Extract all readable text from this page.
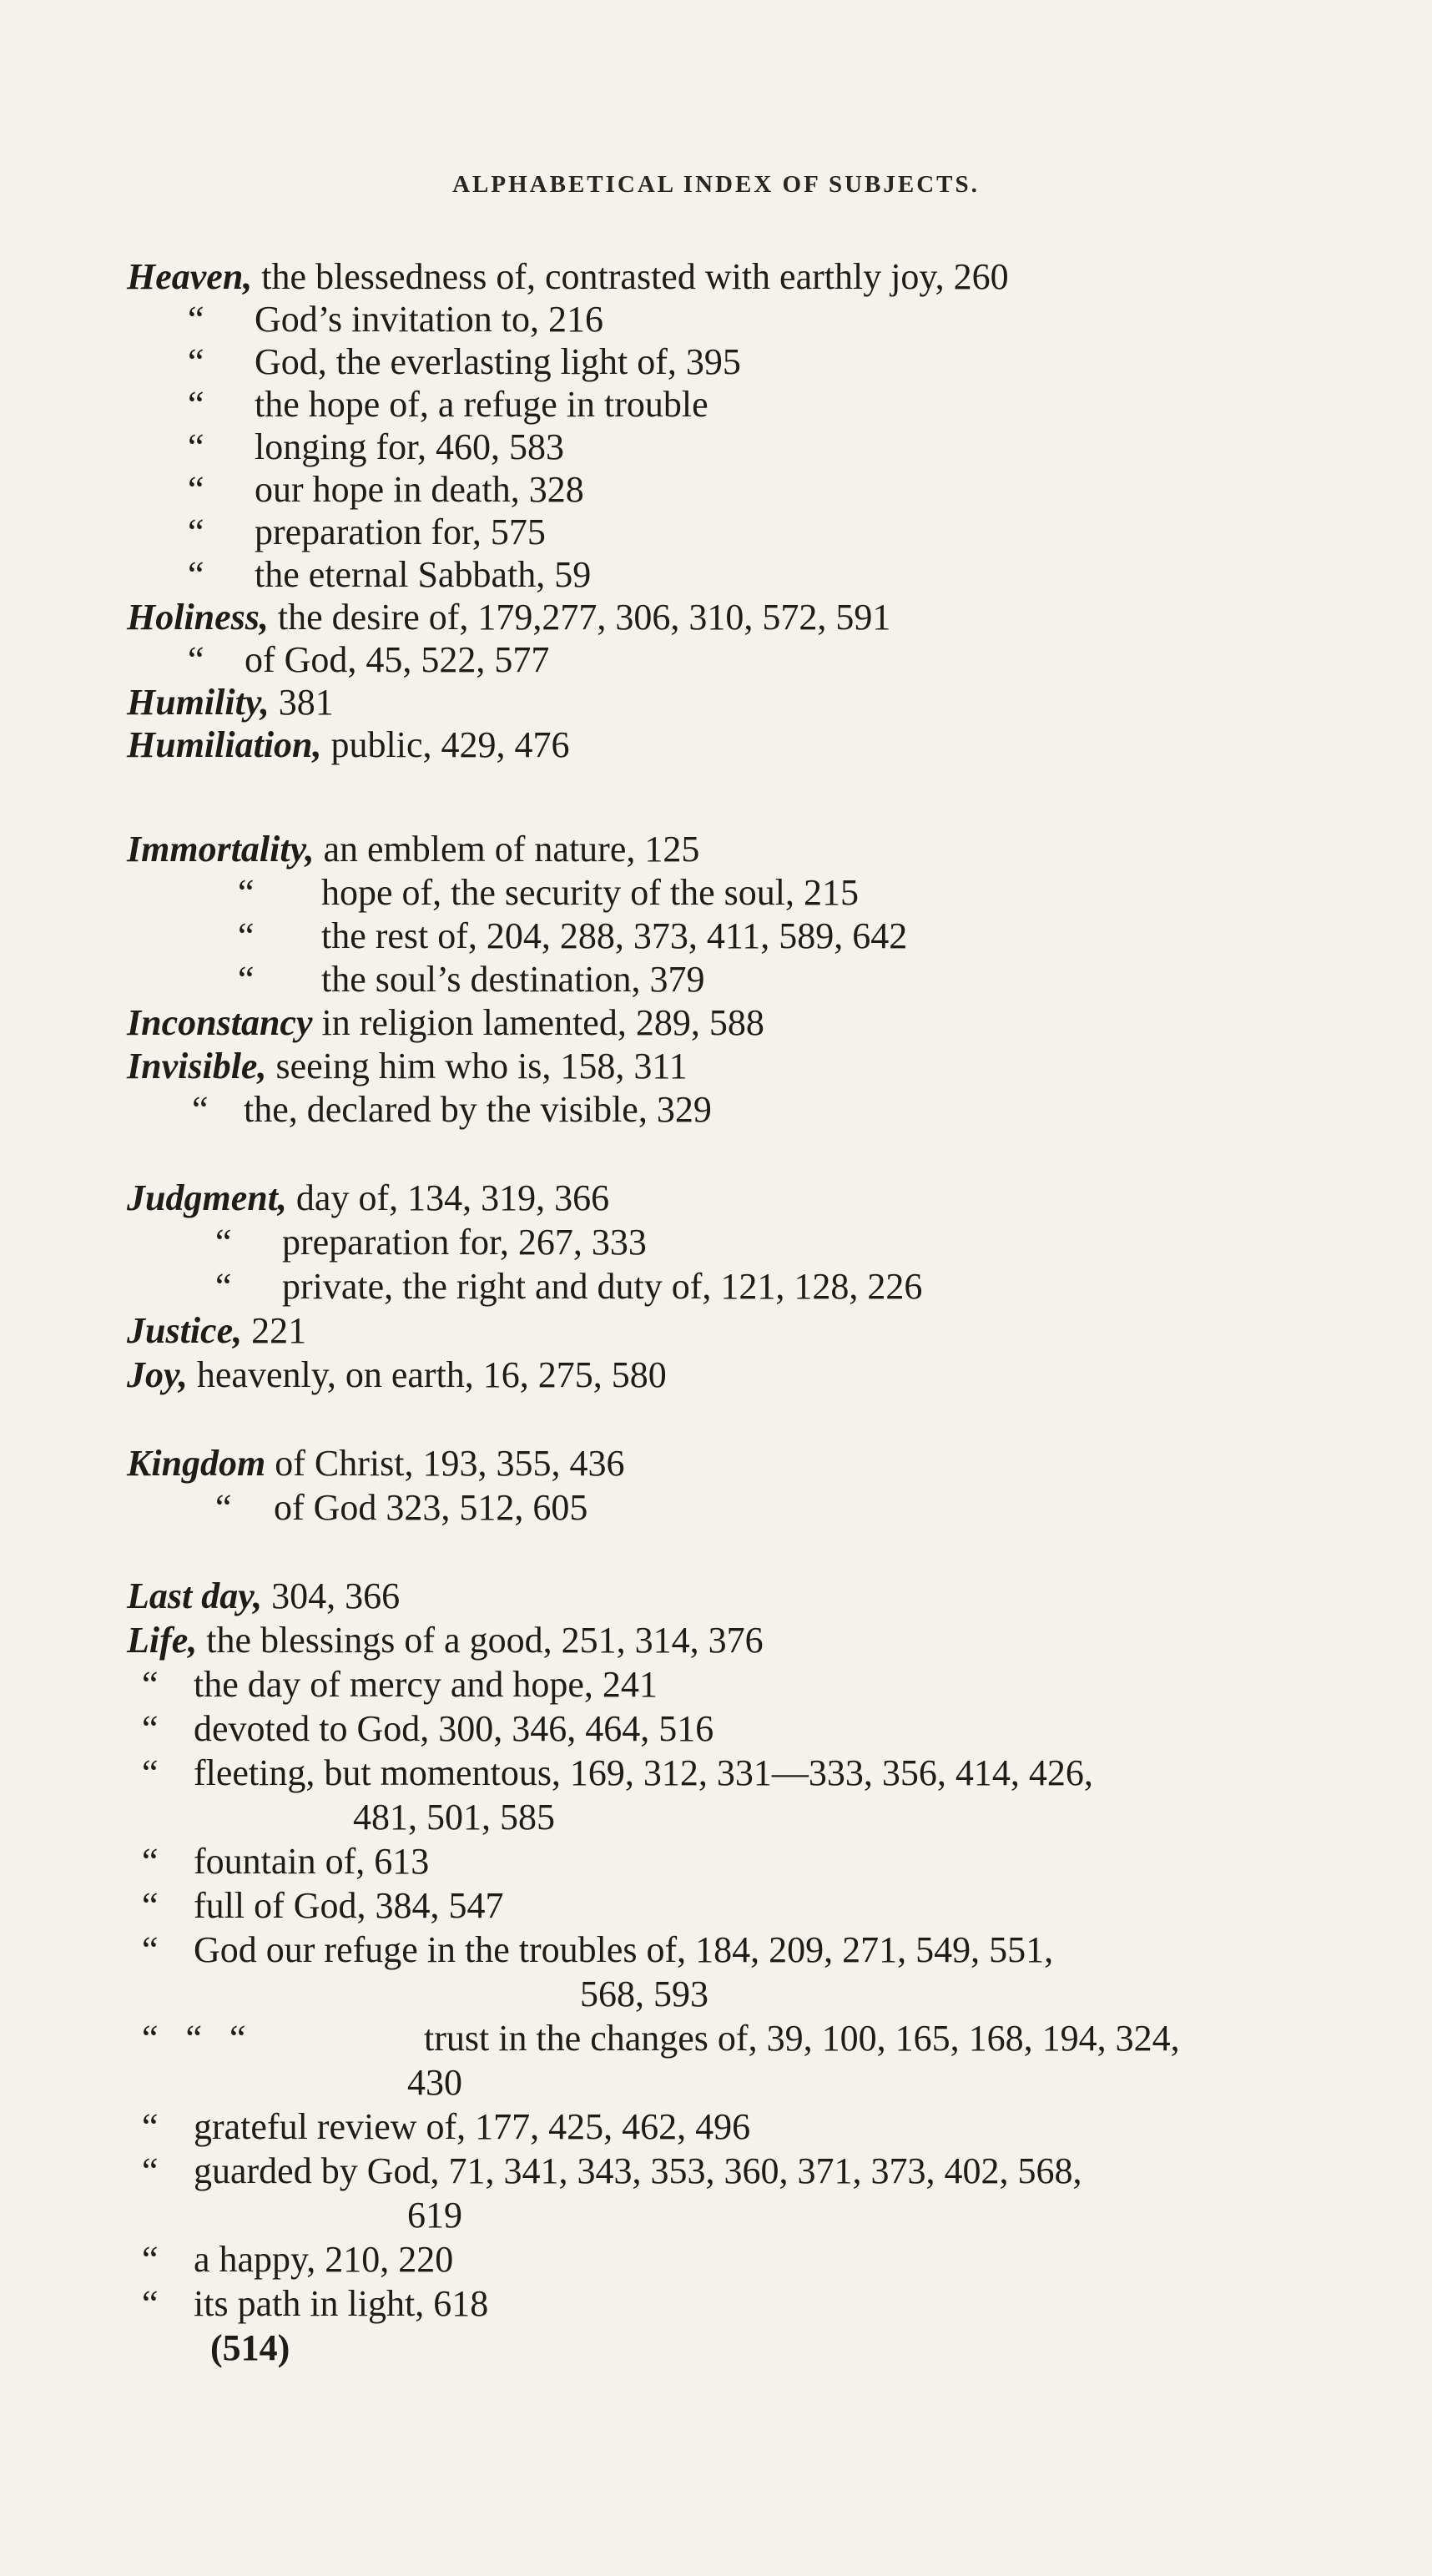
ALPHABETICAL INDEX OF SUBJECTS.
Heaven, the blessedness of, contrasted with earthly joy, 260
“ God’s invitation to, 216
“ God, the everlasting light of, 395
“ the hope of, a refuge in trouble
“ longing for, 460, 583
“ our hope in death, 328
“ preparation for, 575
“ the eternal Sabbath, 59
Holiness, the desire of, 179,277, 306, 310, 572, 591
“ of God, 45, 522, 577
Humility, 381
Humiliation, public, 429, 476
Immortality, an emblem of nature, 125
“ hope of, the security of the soul, 215
“ the rest of, 204, 288, 373, 411, 589, 642
“ the soul’s destination, 379
Inconstancy in religion lamented, 289, 588
Invisible, seeing him who is, 158, 311
“ the, declared by the visible, 329
Judgment, day of, 134, 319, 366
“ preparation for, 267, 333
“ private, the right and duty of, 121, 128, 226
Justice, 221
Joy, heavenly, on earth, 16, 275, 580
Kingdom of Christ, 193, 355, 436
“ of God 323, 512, 605
Last day, 304, 366
Life, the blessings of a good, 251, 314, 376
“ the day of mercy and hope, 241
“ devoted to God, 300, 346, 464, 516
“ fleeting, but momentous, 169, 312, 331—333, 356, 414, 426,
481, 501, 585
“ fountain of, 613
“ full of God, 384, 547
“ God our refuge in the troubles of, 184, 209, 271, 549, 551,
568, 593
“   “   “	trust in the changes of, 39, 100, 165, 168, 194, 324,
430
“ grateful review of, 177, 425, 462, 496
“ guarded by God, 71, 341, 343, 353, 360, 371, 373, 402, 568,
619
“ a happy, 210, 220
“ its path in light, 618
(514)
